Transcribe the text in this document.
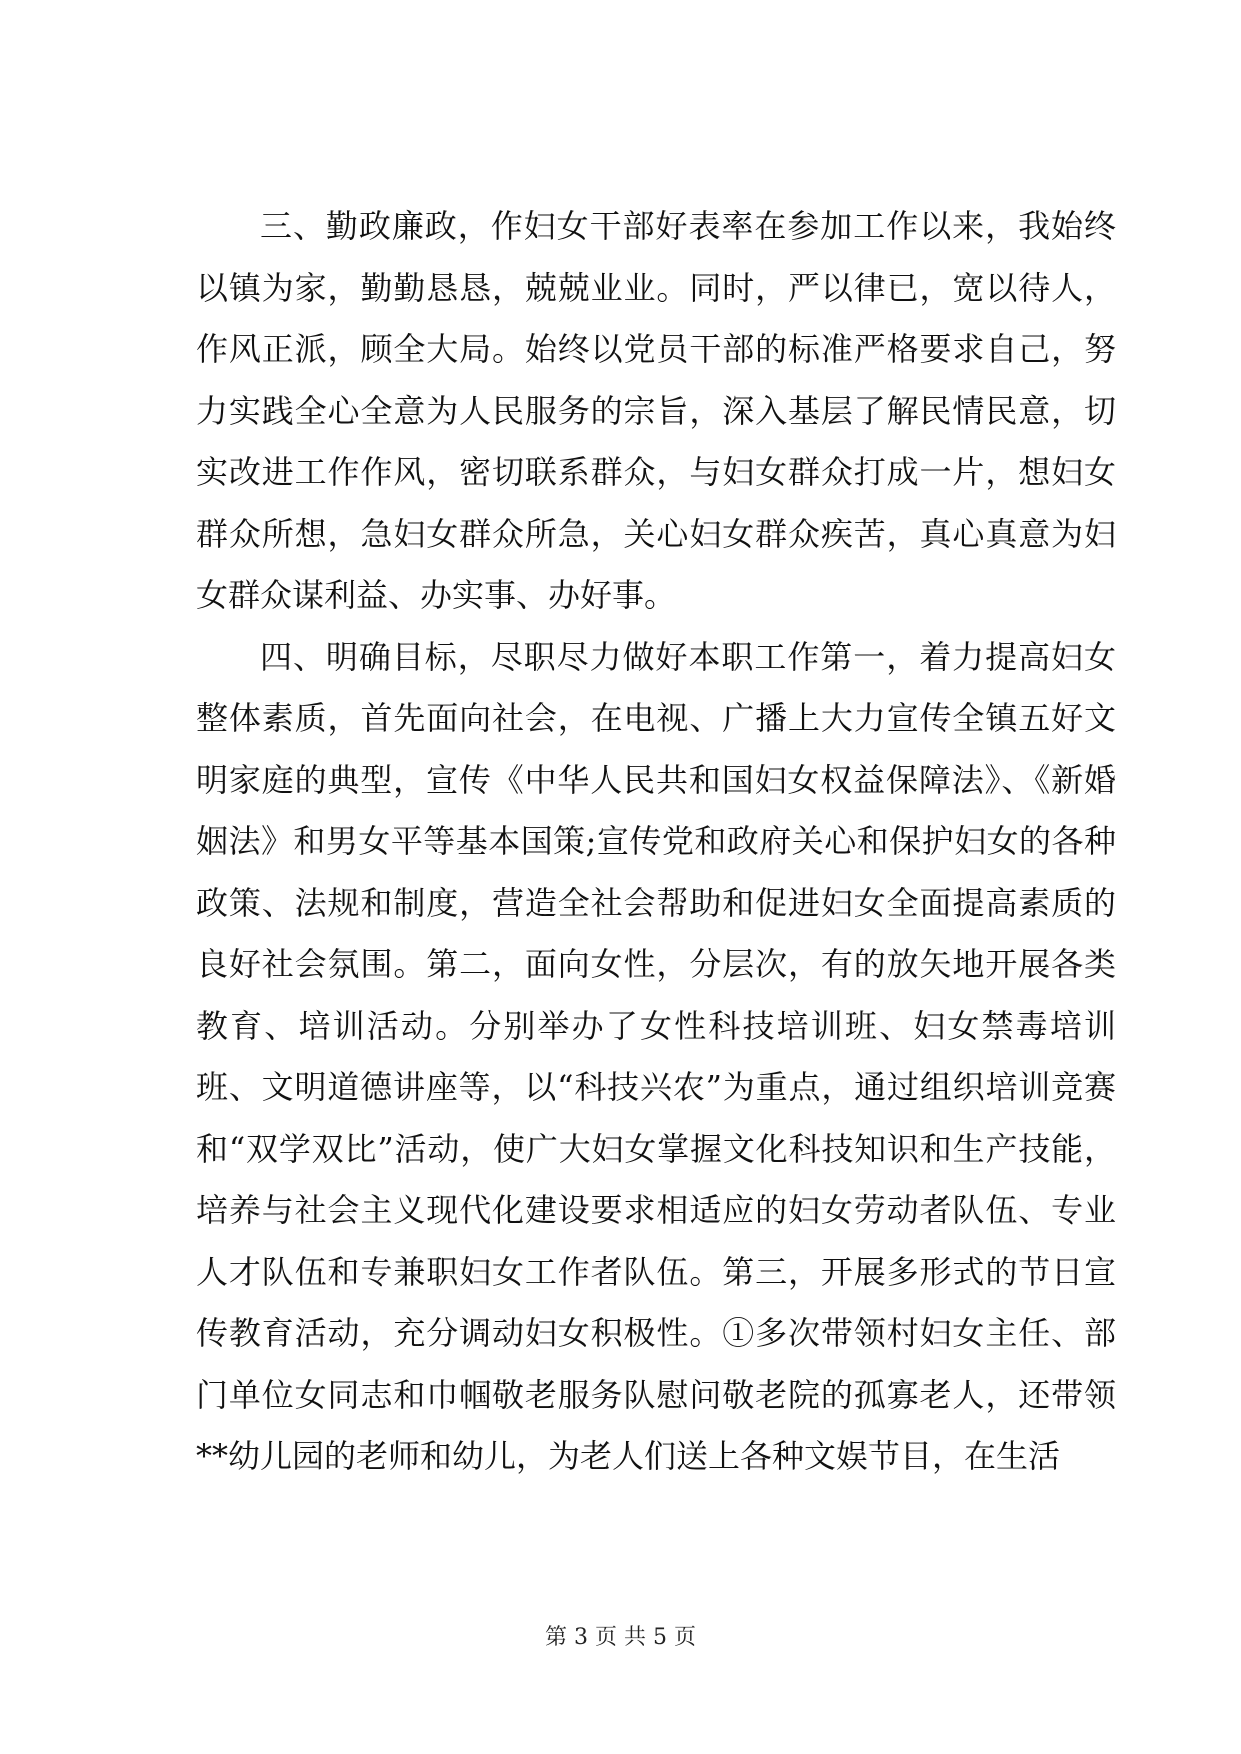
三、勤政廉政，作妇女干部好表率在参加工作以来，我始终以镇为家，勤勤恳恳，兢兢业业。同时，严以律已，宽以待人，作风正派，顾全大局。始终以党员干部的标准严格要求自己，努力实践全心全意为人民服务的宗旨，深入基层了解民情民意，切实改进工作作风，密切联系群众，与妇女群众打成一片，想妇女群众所想，急妇女群众所急，关心妇女群众疾苦，真心真意为妇女群众谋利益、办实事、办好事。

四、明确目标，尽职尽力做好本职工作第一，着力提高妇女整体素质，首先面向社会，在电视、广播上大力宣传全镇五好文明家庭的典型，宣传《中华人民共和国妇女权益保障法》、《新婚姻法》和男女平等基本国策;宣传党和政府关心和保护妇女的各种政策、法规和制度，营造全社会帮助和促进妇女全面提高素质的良好社会氛围。第二，面向女性，分层次，有的放矢地开展各类教育、培训活动。分别举办了女性科技培训班、妇女禁毒培训班、文明道德讲座等，以“科技兴农”为重点，通过组织培训竞赛和“双学双比”活动，使广大妇女掌握文化科技知识和生产技能，培养与社会主义现代化建设要求相适应的妇女劳动者队伍、专业人才队伍和专兼职妇女工作者队伍。第三，开展多形式的节日宣传教育活动，充分调动妇女积极性。①多次带领村妇女主任、部门单位女同志和巾帼敬老服务队慰问敬老院的孤寡老人，还带领**幼儿园的老师和幼儿，为老人们送上各种文娱节目，在生活

第 3 页 共 5 页
